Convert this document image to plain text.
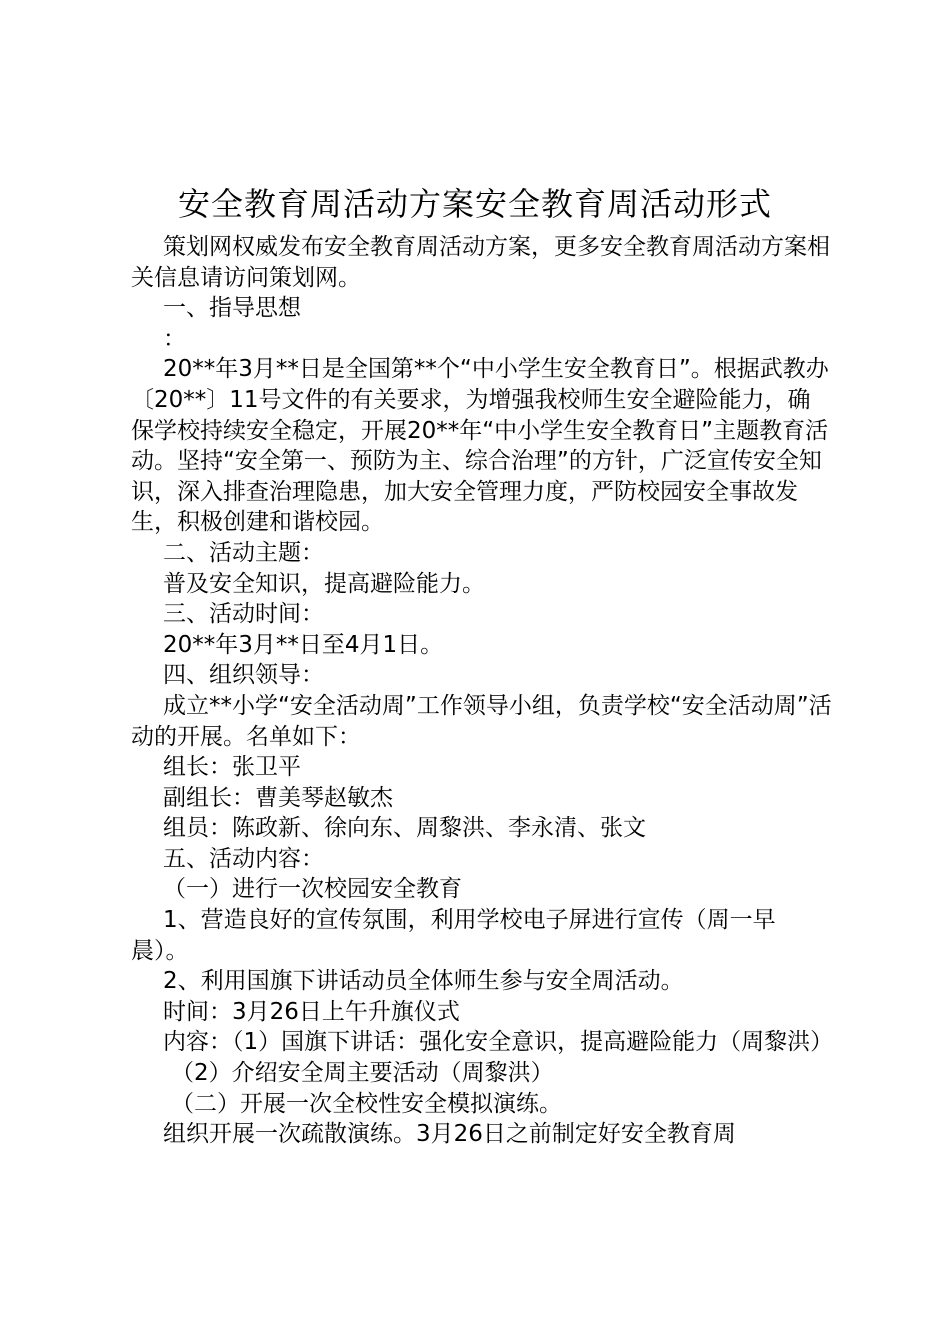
安全教育周活动方案安全教育周活动形式

策划网权威发布安全教育周活动方案，更多安全教育周活动方案相关信息请访问策划网。

一、指导思想

：

20**年3月**日是全国第**个“中小学生安全教育日”。根据武教办〔20**〕11号文件的有关要求，为增强我校师生安全避险能力，确保学校持续安全稳定，开展20**年“中小学生安全教育日”主题教育活动。坚持“安全第一、预防为主、综合治理”的方针，广泛宣传安全知识，深入排查治理隐患，加大安全管理力度，严防校园安全事故发生，积极创建和谐校园。

二、活动主题：

普及安全知识，提高避险能力。

三、活动时间：

20**年3月**日至4月1日。

四、组织领导：

成立**小学“安全活动周”工作领导小组，负责学校“安全活动周”活动的开展。名单如下：

组长：张卫平

副组长：曹美琴赵敏杰

组员：陈政新、徐向东、周黎洪、李永清、张文

五、活动内容：

（一）进行一次校园安全教育

1、营造良好的宣传氛围，利用学校电子屏进行宣传（周一早晨）。

2、利用国旗下讲话动员全体师生参与安全周活动。

时间：3月26日上午升旗仪式

内容：（1）国旗下讲话：强化安全意识，提高避险能力（周黎洪）

（2）介绍安全周主要活动（周黎洪）

（二）开展一次全校性安全模拟演练。

组织开展一次疏散演练。3月26日之前制定好安全教育周
